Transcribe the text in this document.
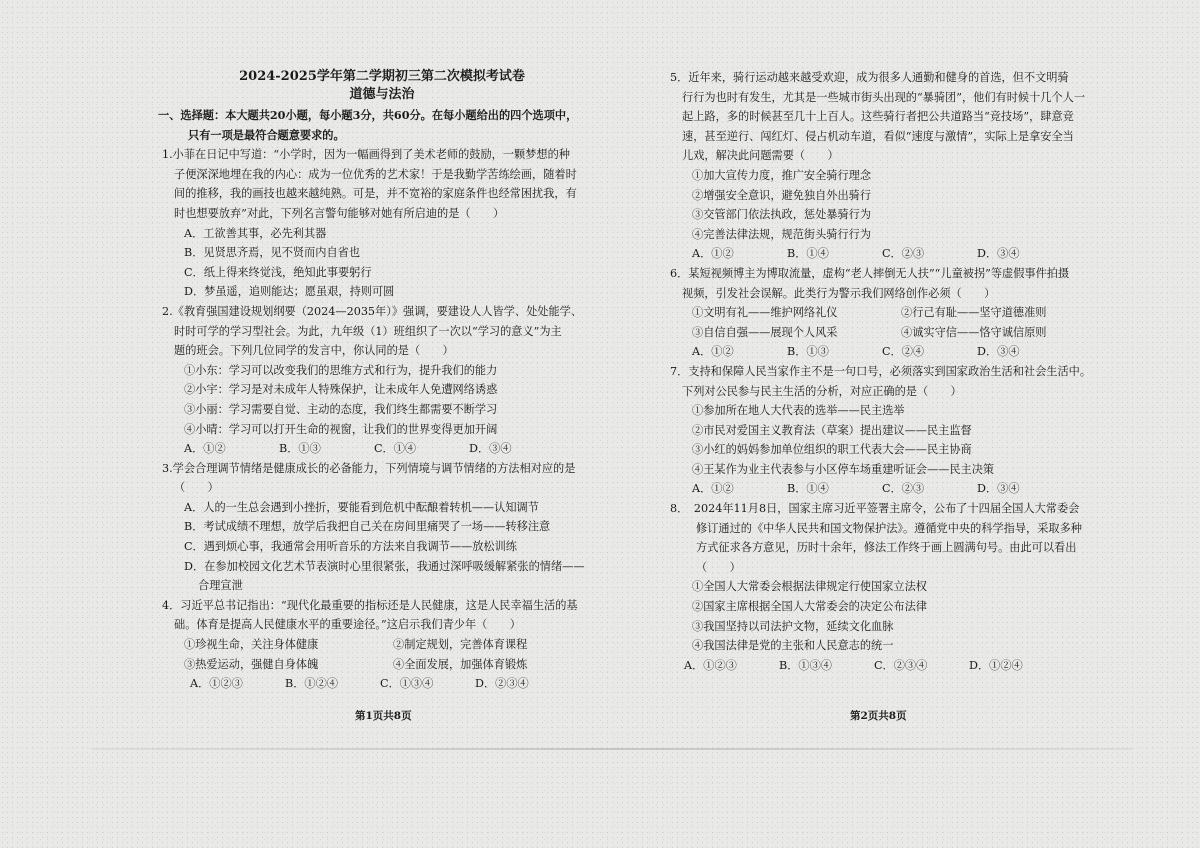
2024-2025学年第二学期初三第二次模拟考试卷
道德与法治
一、选择题：本大题共20小题，每小题3分，共60分。在每小题给出的四个选项中，
只有一项是最符合题意要求的。
1.小菲在日记中写道：“小学时，因为一幅画得到了美术老师的鼓励，一颗梦想的种
子便深深地埋在我的内心：成为一位优秀的艺术家！于是我勤学苦练绘画，随着时
间的推移，我的画技也越来越纯熟。可是，并不宽裕的家庭条件也经常困扰我，有
时也想要放弃”对此，下列名言警句能够对她有所启迪的是（　　）
A．工欲善其事，必先利其器
B．见贤思齐焉，见不贤而内自省也
C．纸上得来终觉浅，绝知此事要躬行
D．梦虽遥，追则能达；愿虽艰，持则可圆
2.《教育强国建设规划纲要（2024—2035年）》强调，要建设人人皆学、处处能学、
时时可学的学习型社会。为此，九年级（1）班组织了一次以“学习的意义”为主
题的班会。下列几位同学的发言中，你认同的是（　　）
①小东：学习可以改变我们的思维方式和行为，提升我们的能力
②小宇：学习是对未成年人特殊保护，让未成年人免遭网络诱惑
③小丽：学习需要自觉、主动的态度，我们终生都需要不断学习
④小晴：学习可以打开生命的视窗，让我们的世界变得更加开阔
A．①②	B．①③	C．①④	D．③④
3.学会合理调节情绪是健康成长的必备能力，下列情境与调节情绪的方法相对应的是
（　　）
A．人的一生总会遇到小挫折，要能看到危机中酝酿着转机——认知调节
B．考试成绩不理想，放学后我把自己关在房间里痛哭了一场——转移注意
C．遇到烦心事，我通常会用听音乐的方法来自我调节——放松训练
D．在参加校园文化艺术节表演时心里很紧张，我通过深呼吸缓解紧张的情绪——
合理宣泄
4．习近平总书记指出：“现代化最重要的指标还是人民健康，这是人民幸福生活的基
础。体育是提高人民健康水平的重要途径。”这启示我们青少年（　　）
①珍视生命，关注身体健康	②制定规划，完善体育课程
③热爱运动，强健自身体魄	④全面发展，加强体育锻炼
A．①②③	B．①②④	C．①③④	D．②③④
5．近年来，骑行运动越来越受欢迎，成为很多人通勤和健身的首选，但不文明骑
行行为也时有发生，尤其是一些城市街头出现的“暴骑团”，他们有时候十几个人一
起上路，多的时候甚至几十上百人。这些骑行者把公共道路当“竞技场”，肆意竞
速，甚至逆行、闯红灯、侵占机动车道，看似“速度与激情”，实际上是拿安全当
儿戏，解决此问题需要（　　）
①加大宣传力度，推广安全骑行理念
②增强安全意识，避免独自外出骑行
③交管部门依法执政，惩处暴骑行为
④完善法律法规，规范街头骑行行为
A．①②	B．①④	C．②③	D．③④
6．某短视频博主为博取流量，虚构“老人摔倒无人扶”“儿童被拐”等虚假事件拍摄
视频，引发社会误解。此类行为警示我们网络创作必须（　　）
①文明有礼——维护网络礼仪	②行己有耻——坚守道德准则
③自信自强——展现个人风采	④诚实守信——恪守诚信原则
A．①②	B．①③	C．②④	D．③④
7．支持和保障人民当家作主不是一句口号，必须落实到国家政治生活和社会生活中。
下列对公民参与民主生活的分析，对应正确的是（　　）
①参加所在地人大代表的选举——民主选举
②市民对爱国主义教育法（草案）提出建议——民主监督
③小红的妈妈参加单位组织的职工代表大会——民主协商
④王某作为业主代表参与小区停车场重建听证会——民主决策
A．①②	B．①④	C．②③	D．③④
8．　2024年11月8日，国家主席习近平签署主席令，公布了十四届全国人大常委会
修订通过的《中华人民共和国文物保护法》。遵循党中央的科学指导，采取多种
方式征求各方意见，历时十余年，修法工作终于画上圆满句号。由此可以看出
（　　）
①全国人大常委会根据法律规定行使国家立法权
②国家主席根据全国人大常委会的决定公布法律
③我国坚持以司法护文物，延续文化血脉
④我国法律是党的主张和人民意志的统一
A．①②③	B．①③④	C．②③④	D．①②④
第1页共8页	第2页共8页
